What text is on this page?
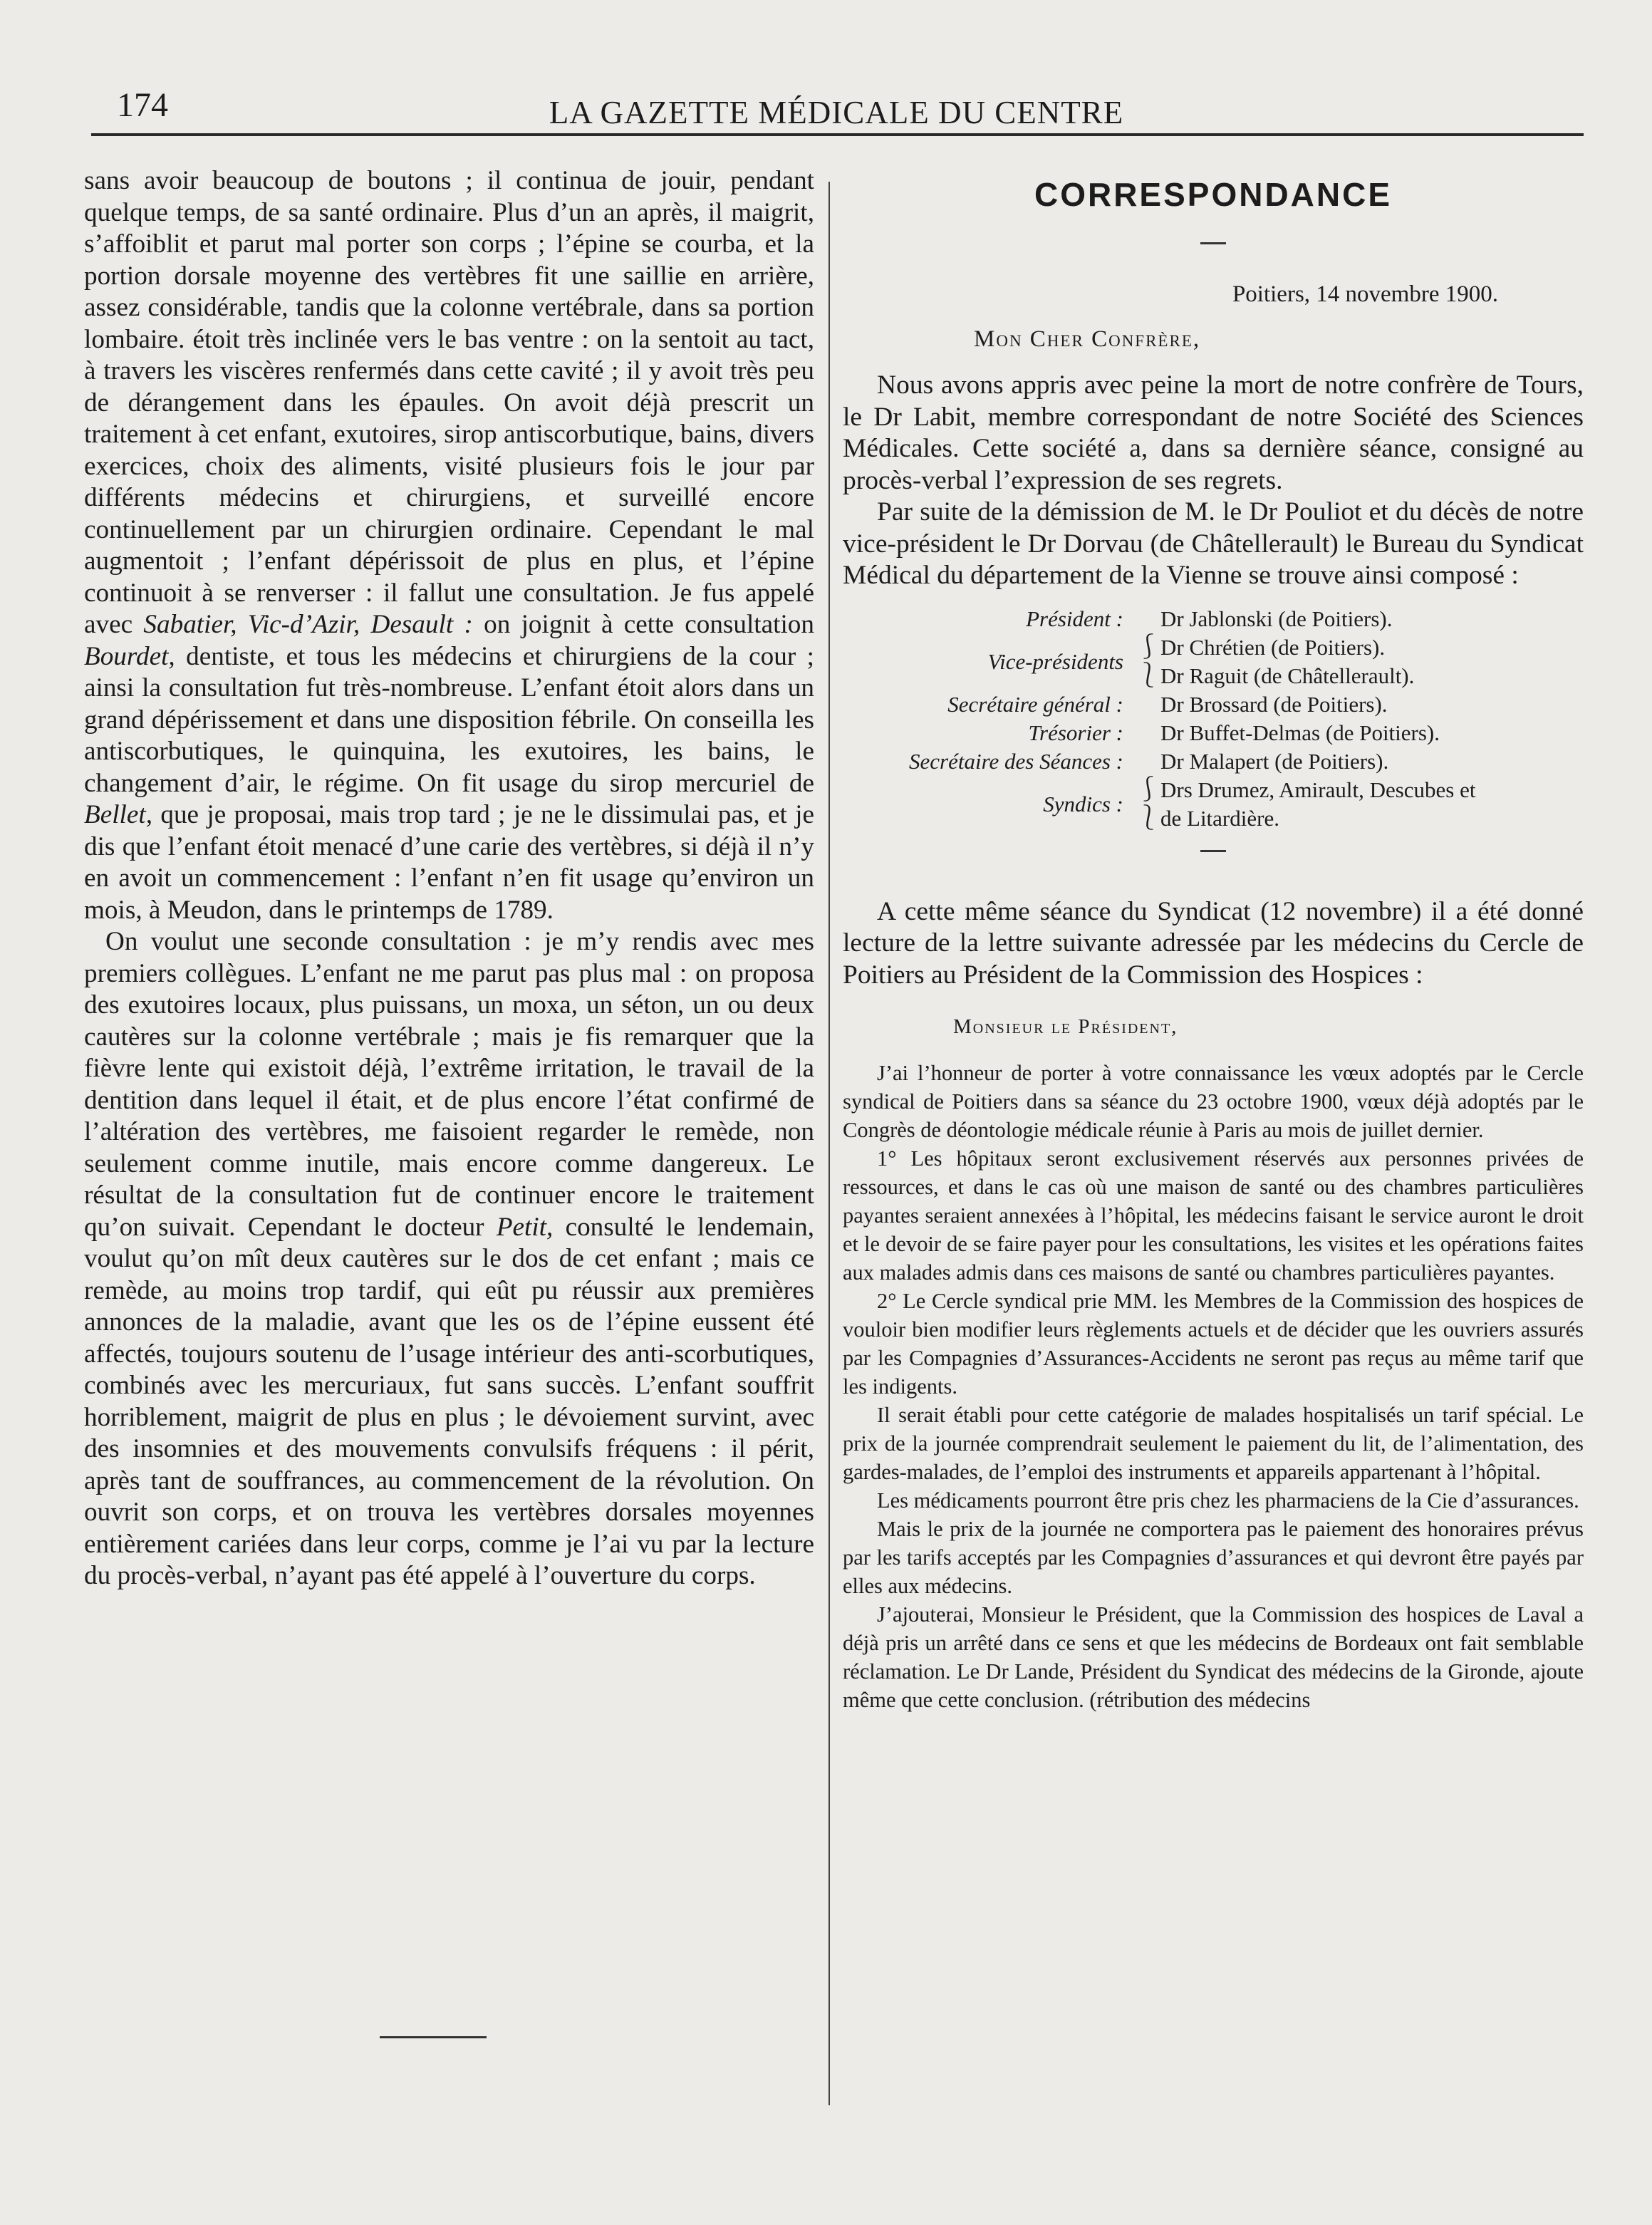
174	LA GAZETTE MÉDICALE DU CENTRE

sans avoir beaucoup de boutons ; il continua de jouir, pendant quelque temps, de sa santé ordinaire. Plus d’un an après, il maigrit, s’affoiblit et parut mal porter son corps ; l’épine se courba, et la portion dorsale moyenne des vertèbres fit une saillie en arrière, assez considérable, tandis que la colonne vertébrale, dans sa portion lombaire. étoit très inclinée vers le bas ventre : on la sentoit au tact, à travers les viscères renfermés dans cette cavité ; il y avoit très peu de dérangement dans les épaules. On avoit déjà prescrit un traitement à cet enfant, exutoires, sirop antiscorbutique, bains, divers exercices, choix des aliments, visité plusieurs fois le jour par différents médecins et chirurgiens, et surveillé encore continuellement par un chirurgien ordinaire. Cependant le mal augmentoit ; l’enfant dépérissoit de plus en plus, et l’épine continuoit à se renverser : il fallut une consultation. Je fus appelé avec Sabatier, Vic-d’Azir, Desault : on joignit à cette consultation Bourdet, dentiste, et tous les médecins et chirurgiens de la cour ; ainsi la consultation fut très-nombreuse. L’enfant étoit alors dans un grand dépérissement et dans une disposition fébrile. On conseilla les antiscorbutiques, le quinquina, les exutoires, les bains, le changement d’air, le régime. On fit usage du sirop mercuriel de Bellet, que je proposai, mais trop tard ; je ne le dissimulai pas, et je dis que l’enfant étoit menacé d’une carie des vertèbres, si déjà il n’y en avoit un commencement : l’enfant n’en fit usage qu’environ un mois, à Meudon, dans le printemps de 1789.

On voulut une seconde consultation : je m’y rendis avec mes premiers collègues. L’enfant ne me parut pas plus mal : on proposa des exutoires locaux, plus puissans, un moxa, un séton, un ou deux cautères sur la colonne vertébrale ; mais je fis remarquer que la fièvre lente qui existoit déjà, l’extrême irritation, le travail de la dentition dans lequel il était, et de plus encore l’état confirmé de l’altération des vertèbres, me faisoient regarder le remède, non seulement comme inutile, mais encore comme dangereux. Le résultat de la consultation fut de continuer encore le traitement qu’on suivait. Cependant le docteur Petit, consulté le lendemain, voulut qu’on mît deux cautères sur le dos de cet enfant ; mais ce remède, au moins trop tardif, qui eût pu réussir aux premières annonces de la maladie, avant que les os de l’épine eussent été affectés, toujours soutenu de l’usage intérieur des anti-scorbutiques, combinés avec les mercuriaux, fut sans succès. L’enfant souffrit horriblement, maigrit de plus en plus ; le dévoiement survint, avec des insomnies et des mouvements convulsifs fréquens : il périt, après tant de souffrances, au commencement de la révolution. On ouvrit son corps, et on trouva les vertèbres dorsales moyennes entièrement cariées dans leur corps, comme je l’ai vu par la lecture du procès-verbal, n’ayant pas été appelé à l’ouverture du corps.

CORRESPONDANCE
Poitiers, 14 novembre 1900.
Mon Cher Confrère,

Nous avons appris avec peine la mort de notre confrère de Tours, le Dr Labit, membre correspondant de notre Société des Sciences Médicales. Cette société a, dans sa dernière séance, consigné au procès-verbal l’expression de ses regrets.

Par suite de la démission de M. le Dr Pouliot et du décès de notre vice-président le Dr Dorvau (de Châtellerault) le Bureau du Syndicat Médical du département de la Vienne se trouve ainsi composé :

Président :		Dr Jablonski (de Poitiers).
Vice-présidents	⎰	Dr Chrétien (de Poitiers).
	⎱	Dr Raguit (de Châtellerault).
Secrétaire général :		Dr Brossard (de Poitiers).
Trésorier :		Dr Buffet-Delmas (de Poitiers).
Secrétaire des Séances :		Dr Malapert (de Poitiers).
Syndics :	⎰	Drs Drumez, Amirault, Descubes et
	⎱	de Litardière.

A cette même séance du Syndicat (12 novembre) il a été donné lecture de la lettre suivante adressée par les médecins du Cercle de Poitiers au Président de la Commission des Hospices :

Monsieur le Président,

J’ai l’honneur de porter à votre connaissance les vœux adoptés par le Cercle syndical de Poitiers dans sa séance du 23 octobre 1900, vœux déjà adoptés par le Congrès de déontologie médicale réunie à Paris au mois de juillet dernier.

1° Les hôpitaux seront exclusivement réservés aux personnes privées de ressources, et dans le cas où une maison de santé ou des chambres particulières payantes seraient annexées à l’hôpital, les médecins faisant le service auront le droit et le devoir de se faire payer pour les consultations, les visites et les opérations faites aux malades admis dans ces maisons de santé ou chambres particulières payantes.

2° Le Cercle syndical prie MM. les Membres de la Commission des hospices de vouloir bien modifier leurs règlements actuels et de décider que les ouvriers assurés par les Compagnies d’Assurances-Accidents ne seront pas reçus au même tarif que les indigents.

Il serait établi pour cette catégorie de malades hospitalisés un tarif spécial. Le prix de la journée comprendrait seulement le paiement du lit, de l’alimentation, des gardes-malades, de l’emploi des instruments et appareils appartenant à l’hôpital.

Les médicaments pourront être pris chez les pharmaciens de la Cie d’assurances.

Mais le prix de la journée ne comportera pas le paiement des honoraires prévus par les tarifs acceptés par les Compagnies d’assurances et qui devront être payés par elles aux médecins.

J’ajouterai, Monsieur le Président, que la Commission des hospices de Laval a déjà pris un arrêté dans ce sens et que les médecins de Bordeaux ont fait semblable réclamation. Le Dr Lande, Président du Syndicat des médecins de la Gironde, ajoute même que cette conclusion. (rétribution des médecins
